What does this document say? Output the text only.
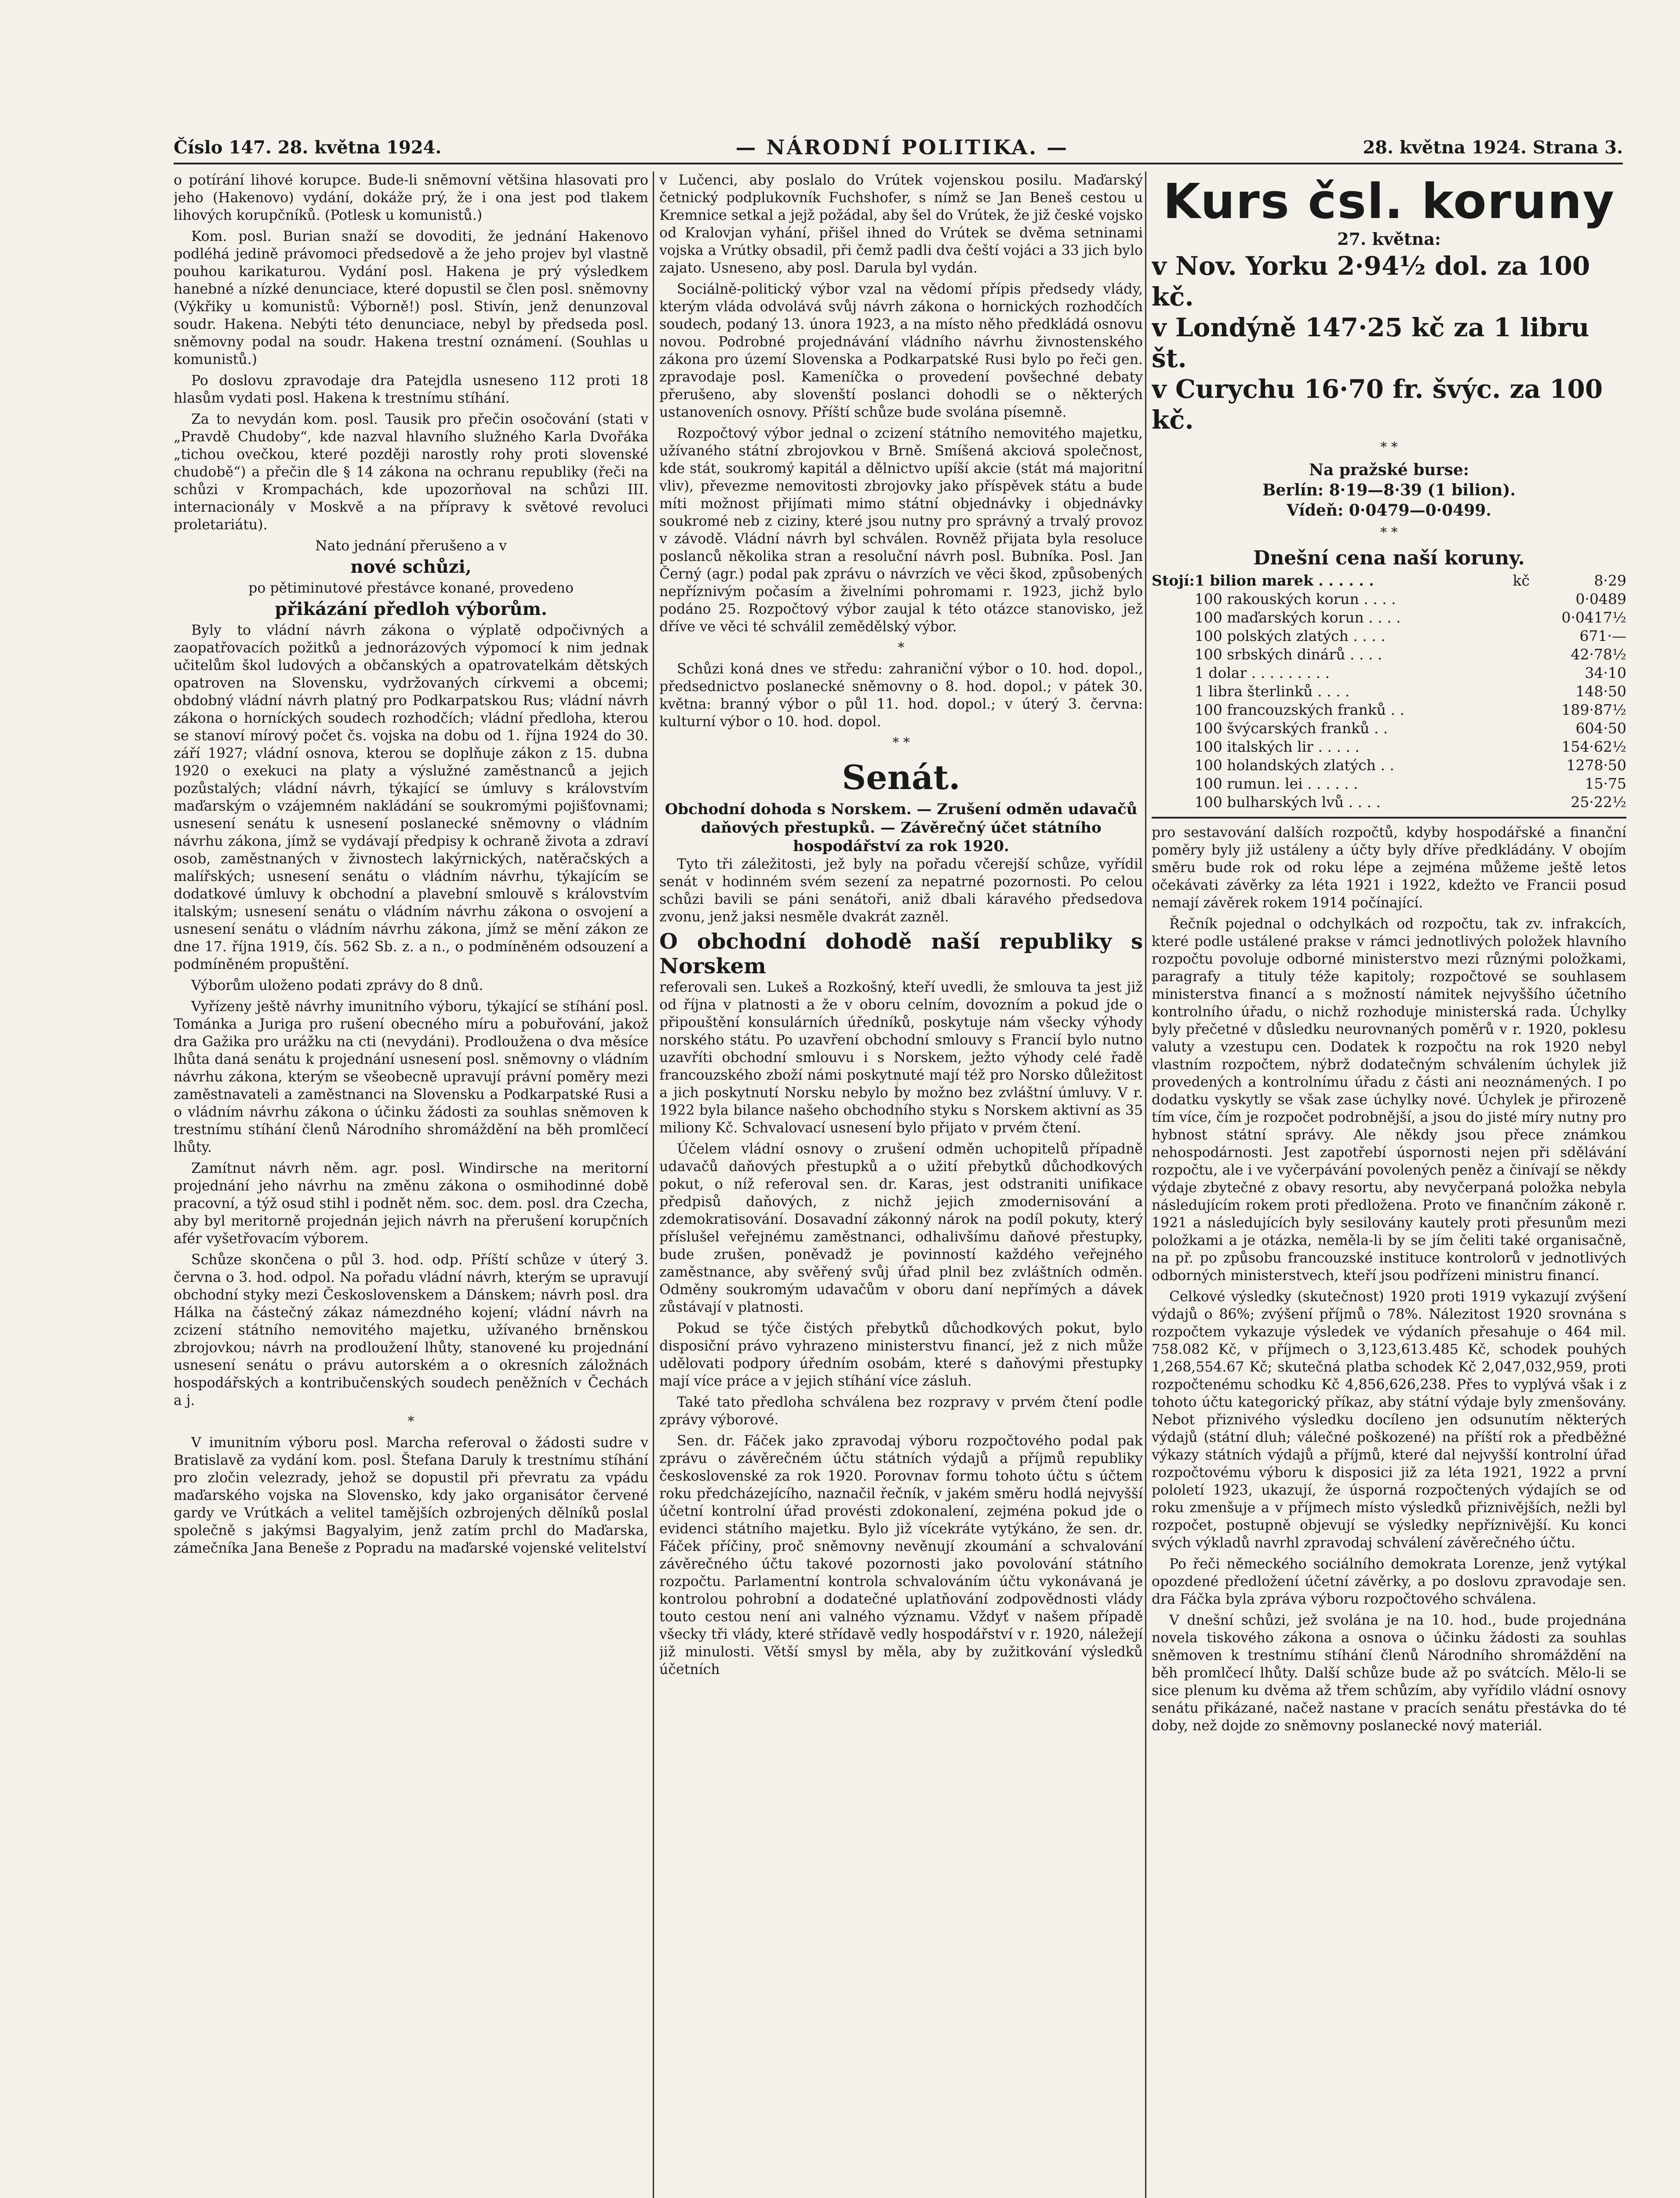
Číslo 147. 28. května 1924.	— NÁRODNÍ POLITIKA. —	28. května 1924. Strana 3.

o potírání lihové korupce. Bude-li sněmovní většina hlasovati pro jeho (Hakenovo) vydání, dokáže prý, že i ona jest pod tlakem lihových korupčníků. (Potlesk u komunistů.)

Kom. posl. Burian snaží se dovoditi, že jednání Hakenovo podléhá jedině právomoci předsedově a že jeho projev byl vlastně pouhou karikaturou. Vydání posl. Hakena je prý výsledkem hanebné a nízké denunciace, které dopustil se člen posl. sněmovny (Výkřiky u komunistů: Výborně!) posl. Stivín, jenž denunzoval soudr. Hakena. Nebýti této denunciace, nebyl by předseda posl. sněmovny podal na soudr. Hakena trestní oznámení. (Souhlas u komunistů.)

Po doslovu zpravodaje dra Patejdla usneseno 112 proti 18 hlasům vydati posl. Hakena k trestnímu stíhání.

Za to nevydán kom. posl. Tausik pro přečin osočování (stati v „Pravdě Chudoby“, kde nazval hlavního služného Karla Dvořáka „tichou ovečkou, které později narostly rohy proti slovenské chudobě“) a přečin dle § 14 zákona na ochranu republiky (řeči na schůzi v Krompachách, kde upozorňoval na schůzi III. internacionály v Moskvě a na přípravy k světové revoluci proletariátu).

Nato jednání přerušeno a v

nové schůzi,

po pětiminutové přestávce konané, provedeno

přikázání předloh výborům.

Byly to vládní návrh zákona o výplatě odpočivných a zaopatřovacích požitků a jednorázových výpomocí k nim jednak učitelům škol ludových a občanských a opatrovatelkám dětských opatroven na Slovensku, vydržovaných církvemi a obcemi; obdobný vládní návrh platný pro Podkarpatskou Rus; vládní návrh zákona o horníckých soudech rozhodčích; vládní předloha, kterou se stanoví mírový počet čs. vojska na dobu od 1. října 1924 do 30. září 1927; vládní osnova, kterou se doplňuje zákon z 15. dubna 1920 o exekuci na platy a výslužné zaměstnanců a jejich pozůstalých; vládní návrh, týkající se úmluvy s královstvím maďarským o vzájemném nakládání se soukromými pojišťovnami; usnesení senátu k usnesení poslanecké sněmovny o vládním návrhu zákona, jímž se vydávají předpisy k ochraně života a zdraví osob, zaměstnaných v živnostech lakýrnických, natěračských a malířských; usnesení senátu o vládním návrhu, týkajícím se dodatkové úmluvy k obchodní a plavební smlouvě s královstvím italským; usnesení senátu o vládním návrhu zákona o osvojení a usnesení senátu o vládním návrhu zákona, jímž se mění zákon ze dne 17. října 1919, čís. 562 Sb. z. a n., o podmíněném odsouzení a podmíněném propuštění.

Výborům uloženo podati zprávy do 8 dnů.

Vyřízeny ještě návrhy imunitního výboru, týkající se stíhání posl. Tománka a Juriga pro rušení obecného míru a pobuřování, jakož dra Gažika pro urážku na cti (nevydáni). Prodloužena o dva měsíce lhůta daná senátu k projednání usnesení posl. sněmovny o vládním návrhu zákona, kterým se všeobecně upravují právní poměry mezi zaměstnavateli a zaměstnanci na Slovensku a Podkarpatské Rusi a o vládním návrhu zákona o účinku žádosti za souhlas sněmoven k trestnímu stíhání členů Národního shromáždění na běh promlčecí lhůty.

Zamítnut návrh něm. agr. posl. Windirsche na meritorní projednání jeho návrhu na změnu zákona o osmihodinné době pracovní, a týž osud stihl i podnět něm. soc. dem. posl. dra Czecha, aby byl meritorně projednán jejich návrh na přerušení korupčních afér vyšetřovacím výborem.

Schůze skončena o půl 3. hod. odp. Příští schůze v úterý 3. června o 3. hod. odpol. Na pořadu vládní návrh, kterým se upravují obchodní styky mezi Československem a Dánskem; návrh posl. dra Hálka na částečný zákaz námezdného kojení; vládní návrh na zcizení státního nemovitého majetku, užívaného brněnskou zbrojovkou; návrh na prodloužení lhůty, stanovené ku projednání usnesení senátu o právu autorském a o okresních záložnách hospodářských a kontribučenských soudech peněžních v Čechách a j.

*

V imunitním výboru posl. Marcha referoval o žádosti sudre v Bratislavě za vydání kom. posl. Štefana Daruly k trestnímu stíhání pro zločin velezrady, jehož se dopustil při převratu za vpádu maďarského vojska na Slovensko, kdy jako organisátor červené gardy ve Vrútkách a velitel tamějších ozbrojených dělníků poslal společně s jakýmsi Bagyalyim, jenž zatím prchl do Maďarska, zámečníka Jana Beneše z Popradu na maďarské vojenské velitelství

v Lučenci, aby poslalo do Vrútek vojenskou posilu. Maďarský četnický podplukovník Fuchshofer, s nímž se Jan Beneš cestou u Kremnice setkal a jejž požádal, aby šel do Vrútek, že již české vojsko od Kralovjan vyhání, přišel ihned do Vrútek se dvěma setninami vojska a Vrútky obsadil, při čemž padli dva čeští vojáci a 33 jich bylo zajato. Usneseno, aby posl. Darula byl vydán.

Sociálně-politický výbor vzal na vědomí přípis předsedy vlády, kterým vláda odvolává svůj návrh zákona o hornických rozhodčích soudech, podaný 13. února 1923, a na místo něho předkládá osnovu novou. Podrobné projednávání vládního návrhu živnostenského zákona pro území Slovenska a Podkarpatské Rusi bylo po řeči gen. zpravodaje posl. Kameníčka o provedení povšechné debaty přerušeno, aby slovenští poslanci dohodli se o některých ustanoveních osnovy. Příští schůze bude svolána písemně.

Rozpočtový výbor jednal o zcizení státního nemovitého majetku, užívaného státní zbrojovkou v Brně. Smíšená akciová společnost, kde stát, soukromý kapitál a dělnictvo upíší akcie (stát má majoritní vliv), převezme nemovitosti zbrojovky jako příspěvek státu a bude míti možnost přijímati mimo státní objednávky i objednávky soukromé neb z ciziny, které jsou nutny pro správný a trvalý provoz v závodě. Vládní návrh byl schválen. Rovněž přijata byla resoluce poslanců několika stran a resoluční návrh posl. Bubníka. Posl. Jan Černý (agr.) podal pak zprávu o návrzích ve věci škod, způsobených nepříznivým počasím a živelními pohromami r. 1923, jichž bylo podáno 25. Rozpočtový výbor zaujal k této otázce stanovisko, jež dříve ve věci té schválil zemědělský výbor.

*

Schůzi koná dnes ve středu: zahraniční výbor o 10. hod. dopol., předsednictvo poslanecké sněmovny o 8. hod. dopol.; v pátek 30. května: branný výbor o půl 11. hod. dopol.; v úterý 3. června: kulturní výbor o 10. hod. dopol.

* *
Senát.
Obchodní dohoda s Norskem. — Zrušení odměn udavačů daňových přestupků. — Závěrečný účet státního hospodářství za rok 1920.

Tyto tři záležitosti, jež byly na pořadu včerejší schůze, vyřídil senát v hodinném svém sezení za nepatrné pozornosti. Po celou schůzi bavili se páni senátoři, aniž dbali káravého předsedova zvonu, jenž jaksi nesměle dvakrát zazněl.

O obchodní dohodě naší republiky s Norskem

referovali sen. Lukeš a Rozkošný, kteří uvedli, že smlouva ta jest již od října v platnosti a že v oboru celním, dovozním a pokud jde o připouštění konsulárních úředníků, poskytuje nám všecky výhody norského státu. Po uzavření obchodní smlouvy s Francií bylo nutno uzavříti obchodní smlouvu i s Norskem, ježto výhody celé řadě francouzského zboží námi poskytnuté mají též pro Norsko důležitost a jich poskytnutí Norsku nebylo by možno bez zvláštní úmluvy. V r. 1922 byla bilance našeho obchodního styku s Norskem aktivní as 35 miliony Kč. Schvalovací usnesení bylo přijato v prvém čtení.

Účelem vládní osnovy o zrušení odměn uchopitelů případně udavačů daňových přestupků a o užití přebytků důchodkových pokut, o níž referoval sen. dr. Karas, jest odstraniti unifikace předpisů daňových, z nichž jejich zmodernisování a zdemokratisování. Dosavadní zákonný nárok na podíl pokuty, který příslušel veřejnému zaměstnanci, odhalivšímu daňové přestupky, bude zrušen, poněvadž je povinností každého veřejného zaměstnance, aby svěřený svůj úřad plnil bez zvláštních odměn. Odměny soukromým udavačům v oboru daní nepřímých a dávek zůstávají v platnosti.

Pokud se týče čistých přebytků důchodkových pokut, bylo disposiční právo vyhrazeno ministerstvu financí, jež z nich může udělovati podpory úředním osobám, které s daňovými přestupky mají více práce a v jejich stíhání více zásluh.

Také tato předloha schválena bez rozpravy v prvém čtení podle zprávy výborové.

Sen. dr. Fáček jako zpravodaj výboru rozpočtového podal pak zprávu o závěrečném účtu státních výdajů a příjmů republiky československé za rok 1920. Porovnav formu tohoto účtu s účtem roku předcházejícího, naznačil řečník, v jakém směru hodlá nejvyšší účetní kontrolní úřad provésti zdokonalení, zejména pokud jde o evidenci státního majetku. Bylo již vícekráte vytýkáno, že sen. dr. Fáček příčiny, proč sněmovny nevěnují zkoumání a schvalování závěrečného účtu takové pozornosti jako povolování státního rozpočtu. Parlamentní kontrola schvalováním účtu vykonávaná je kontrolou pohrobní a dodatečné uplatňování zodpovědnosti vlády touto cestou není ani valného významu. Vždyť v našem případě všecky tři vlády, které střídavě vedly hospodářství v r. 1920, náležejí již minulosti. Větší smysl by měla, aby by zužitkování výsledků účetních

Kurs čsl. koruny
27. května:
v Nov. Yorku 2·94½ dol. za 100 kč.
v Londýně 147·25 kč za 1 libru št.
v Curychu 16·70 fr. švýc. za 100 kč.
* *
Na pražské burse:
Berlín: 8·19—8·39 (1 bilion).
Vídeň: 0·0479—0·0499.
* *
Dnešní cena naší koruny.
Stojí:	1 bilion marek . . . . . .	kč	8·29
	100 rakouských korun . . . .		0·0489
	100 maďarských korun . . . .		0·0417½
	100 polských zlatých . . . .		671·—
	100 srbských dinárů . . . .		42·78½
	1 dolar . . . . . . . . .		34·10
	1 libra šterlinků . . . .		148·50
	100 francouzských franků . .		189·87½
	100 švýcarských franků . .		604·50
	100 italských lir . . . . .		154·62½
	100 holandských zlatých . .		1278·50
	100 rumun. lei . . . . . .		15·75
	100 bulharských lvů . . . .		25·22½

pro sestavování dalších rozpočtů, kdyby hospodářské a finanční poměry byly již ustáleny a účty byly dříve předkládány. V obojím směru bude rok od roku lépe a zejména můžeme ještě letos očekávati závěrky za léta 1921 i 1922, kdežto ve Francii posud nemají závěrek rokem 1914 počínající.

Řečník pojednal o odchylkách od rozpočtu, tak zv. infrakcích, které podle ustálené prakse v rámci jednotlivých položek hlavního rozpočtu povoluje odborné ministerstvo mezi různými položkami, paragrafy a tituly téže kapitoly; rozpočtové se souhlasem ministerstva financí a s možností námitek nejvyššího účetního kontrolního úřadu, o nichž rozhoduje ministerská rada. Úchylky byly přečetné v důsledku neurovnaných poměrů v r. 1920, poklesu valuty a vzestupu cen. Dodatek k rozpočtu na rok 1920 nebyl vlastním rozpočtem, nýbrž dodatečným schválením úchylek již provedených a kontrolnímu úřadu z části ani neoznámených. I po dodatku vyskytly se však zase úchylky nové. Úchylek je přirozeně tím více, čím je rozpočet podrobnější, a jsou do jisté míry nutny pro hybnost státní správy. Ale někdy jsou přece známkou nehospodárnosti. Jest zapotřebí úspornosti nejen při sdělávání rozpočtu, ale i ve vyčerpávání povolených peněz a činívají se někdy výdaje zbytečné z obavy resortu, aby nevyčerpaná položka nebyla následujícím rokem proti předložena. Proto ve finančním zákoně r. 1921 a následujících byly sesilovány kautely proti přesunům mezi položkami a je otázka, neměla-li by se jím čeliti také organisačně, na př. po způsobu francouzské instituce kontrolorů v jednotlivých odborných ministerstvech, kteří jsou podřízeni ministru financí.

Celkové výsledky (skutečnost) 1920 proti 1919 vykazují zvýšení výdajů o 86%; zvýšení příjmů o 78%. Nálezitost 1920 srovnána s rozpočtem vykazuje výsledek ve výdaních přesahuje o 464 mil. 758.082 Kč, v příjmech o 3,123,613.485 Kč, schodek pouhých 1,268,554.67 Kč; skutečná platba schodek Kč 2,047,032,959, proti rozpočtenému schodku Kč 4,856,626,238. Přes to vyplývá však i z tohoto účtu kategorický příkaz, aby státní výdaje byly zmenšovány. Nebot přiznivého výsledku docíleno jen odsunutím některých výdajů (státní dluh; válečné poškozené) na příští rok a předběžné výkazy státních výdajů a příjmů, které dal nejvyšší kontrolní úřad rozpočtovému výboru k disposici již za léta 1921, 1922 a první pololetí 1923, ukazují, že úsporná rozpočtených výdajích se od roku zmenšuje a v příjmech místo výsledků přiznivějších, nežli byl rozpočet, postupně objevují se výsledky nepříznivější. Ku konci svých výkladů navrhl zpravodaj schválení závěrečného účtu.

Po řeči německého sociálního demokrata Lorenze, jenž vytýkal opozdené předložení účetní závěrky, a po doslovu zpravodaje sen. dra Fáčka byla zpráva výboru rozpočtového schválena.

V dnešní schůzi, jež svolána je na 10. hod., bude projednána novela tiskového zákona a osnova o účinku žádosti za souhlas sněmoven k trestnímu stíhání členů Národního shromáždění na běh promlčecí lhůty. Další schůze bude až po svátcích. Mělo-li se sice plenum ku dvěma až třem schůzím, aby vyřídilo vládní osnovy senátu přikázané, načež nastane v pracích senátu přestávka do té doby, než dojde zo sněmovny poslanecké nový materiál.
